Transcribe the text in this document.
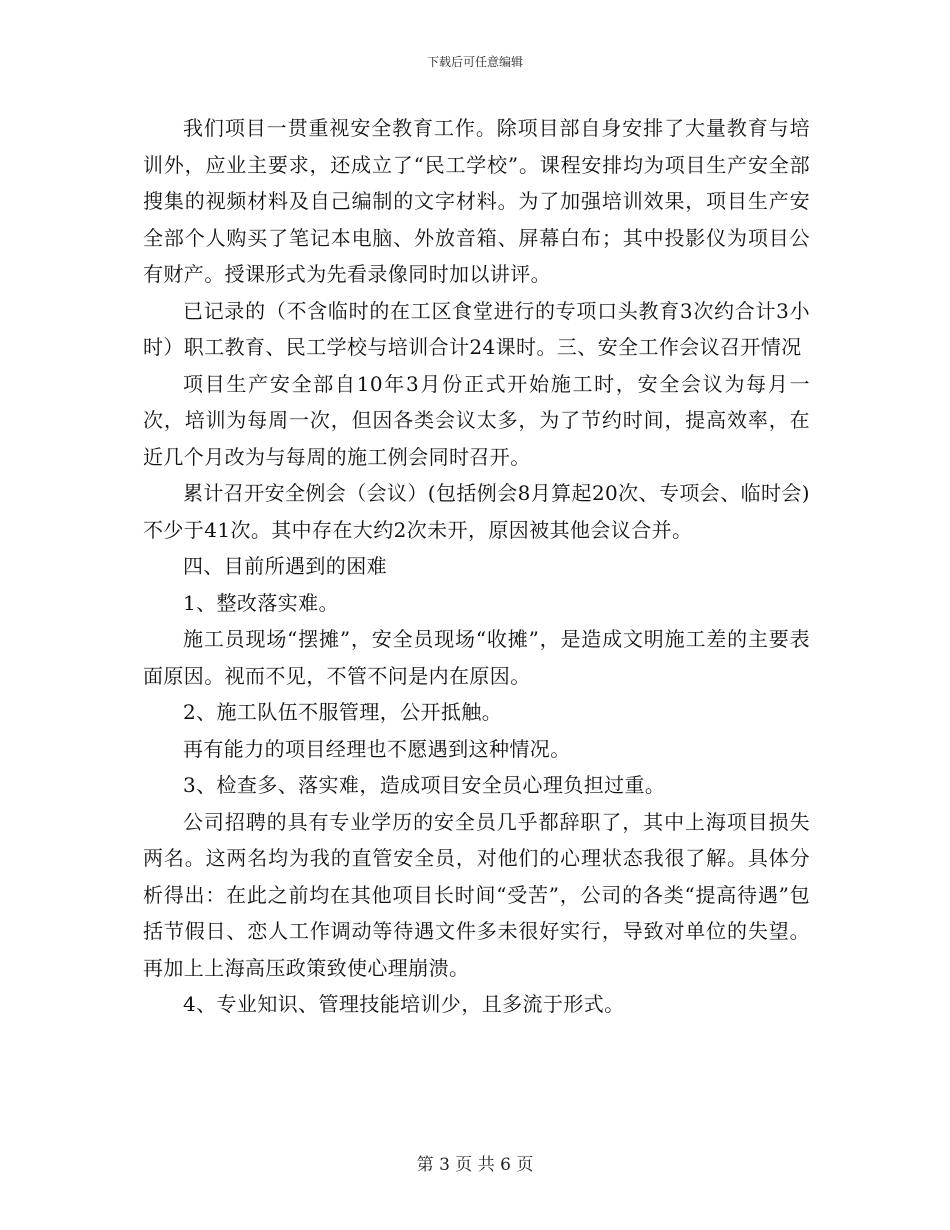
下载后可任意编辑

我们项目一贯重视安全教育工作。除项目部自身安排了大量教育与培训外，应业主要求，还成立了“民工学校”。课程安排均为项目生产安全部搜集的视频材料及自己编制的文字材料。为了加强培训效果，项目生产安全部个人购买了笔记本电脑、外放音箱、屏幕白布；其中投影仪为项目公有财产。授课形式为先看录像同时加以讲评。

已记录的（不含临时的在工区食堂进行的专项口头教育3次约合计3小时）职工教育、民工学校与培训合计24课时。三、安全工作会议召开情况

项目生产安全部自10年3月份正式开始施工时，安全会议为每月一次，培训为每周一次，但因各类会议太多，为了节约时间，提高效率，在近几个月改为与每周的施工例会同时召开。

累计召开安全例会（会议）(包括例会8月算起20次、专项会、临时会)不少于41次。其中存在大约2次未开，原因被其他会议合并。

四、目前所遇到的困难

1、整改落实难。

施工员现场“摆摊”，安全员现场“收摊”，是造成文明施工差的主要表面原因。视而不见，不管不问是内在原因。

2、施工队伍不服管理，公开抵触。

再有能力的项目经理也不愿遇到这种情况。

3、检查多、落实难，造成项目安全员心理负担过重。

公司招聘的具有专业学历的安全员几乎都辞职了，其中上海项目损失两名。这两名均为我的直管安全员，对他们的心理状态我很了解。具体分析得出：在此之前均在其他项目长时间“受苦”，公司的各类“提高待遇”包括节假日、恋人工作调动等待遇文件多未很好实行，导致对单位的失望。再加上上海高压政策致使心理崩溃。

4、专业知识、管理技能培训少，且多流于形式。

第 3 页 共 6 页
